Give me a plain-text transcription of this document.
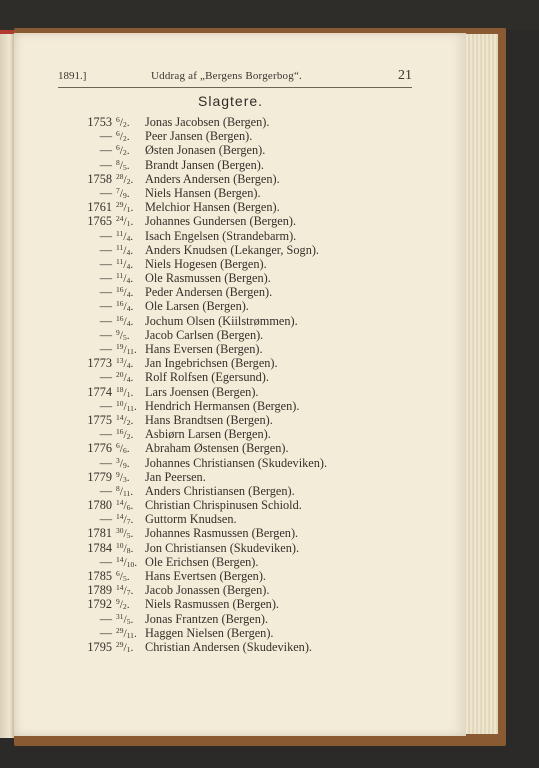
1891.]	Uddrag af „Bergens Borgerbog“.	21
Slagtere.
1753 $^6/_2$.	Jonas Jacobsen (Bergen).
— $^6/_2$.	Peer Jansen (Bergen).
— $^6/_2$.	Østen Jonasen (Bergen).
— $^8/_5$.	Brandt Jansen (Bergen).
1758 $^{28}/_2$. Anders Andersen (Bergen).
— $^7/_9$.	Niels Hansen (Bergen).
1761 $^{29}/_1$. Melchior Hansen (Bergen).
1765 $^{24}/_1$. Johannes Gundersen (Bergen).
— $^{11}/_4$. Isach Engelsen (Strandebarm).
— $^{11}/_4$. Anders Knudsen (Lekanger, Sogn).
— $^{11}/_4$. Niels Hogesen (Bergen).
— $^{11}/_4$. Ole Rasmussen (Bergen).
— $^{16}/_4$. Peder Andersen (Bergen).
— $^{16}/_4$. Ole Larsen (Bergen).
— $^{16}/_4$. Jochum Olsen (Kiilstrømmen).
— $^9/_5$.	Jacob Carlsen (Bergen).
— $^{19}/_{11}$. Hans Eversen (Bergen).
1773 $^{13}/_4$. Jan Ingebrichsen (Bergen).
— $^{20}/_4$. Rolf Rolfsen (Egersund).
1774 $^{18}/_1$. Lars Joensen (Bergen).
— $^{10}/_{11}$. Hendrich Hermansen (Bergen).
1775 $^{14}/_2$. Hans Brandtsen (Bergen).
— $^{16}/_2$. Asbiørn Larsen (Bergen).
1776 $^6/_6$.	Abraham Østensen (Bergen).
— $^3/_9$.	Johannes Christiansen (Skudeviken).
1779 $^9/_3$.	Jan Peersen.
— $^8/_{11}$. Anders Christiansen (Bergen).
1780 $^{14}/_6$. Christian Chrispinusen Schiold.
— $^{14}/_7$. Guttorm Knudsen.
1781 $^{30}/_5$. Johannes Rasmussen (Bergen).
1784 $^{10}/_8$. Jon Christiansen (Skudeviken).
— $^{14}/_{10}$. Ole Erichsen (Bergen).
1785 $^6/_5$.	Hans Evertsen (Bergen).
1789 $^{14}/_7$. Jacob Jonassen (Bergen).
1792 $^9/_2$.	Niels Rasmussen (Bergen).
— $^{31}/_5$. Jonas Frantzen (Bergen).
— $^{29}/_{11}$. Haggen Nielsen (Bergen).
1795 $^{29}/_1$. Christian Andersen (Skudeviken).
